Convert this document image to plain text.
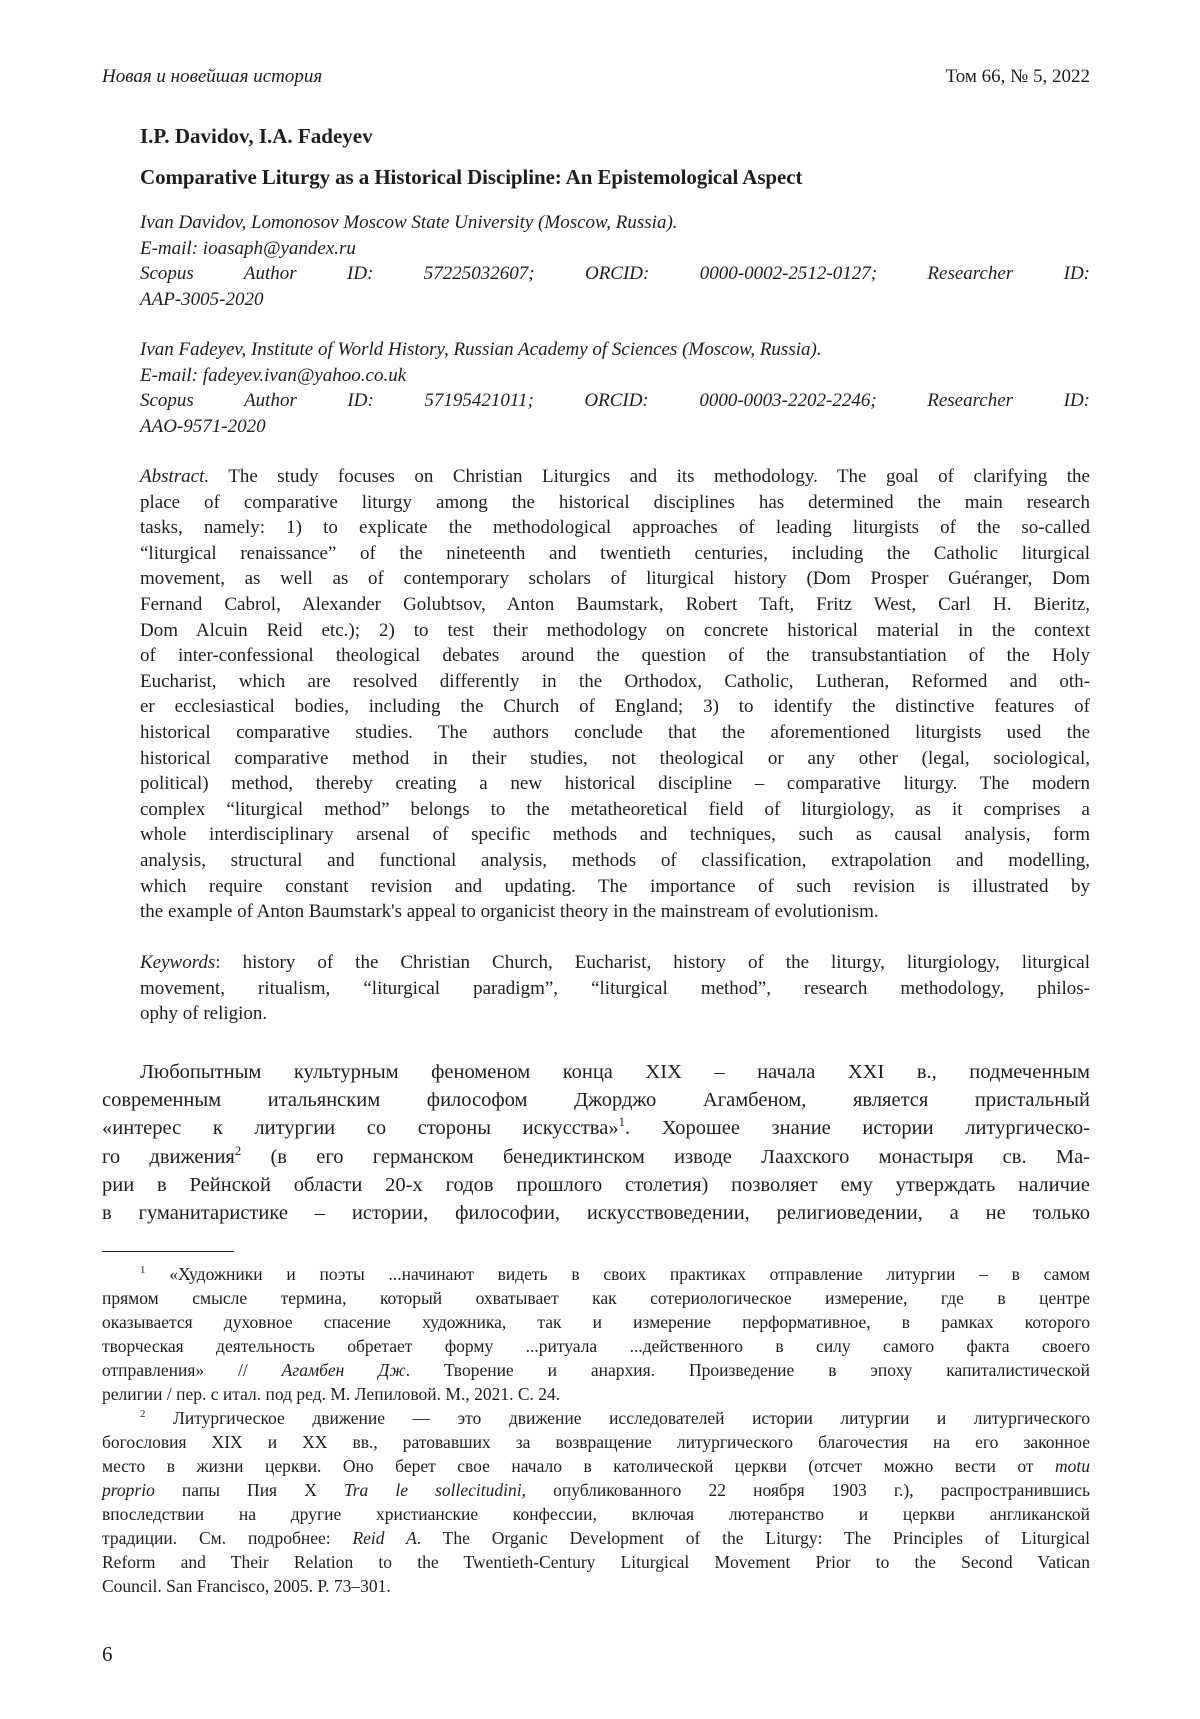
Новая и новейшая история	Том 66, № 5, 2022
I.P. Davidov, I.A. Fadeyev
Comparative Liturgy as a Historical Discipline: An Epistemological Aspect
Ivan Davidov, Lomonosov Moscow State University (Moscow, Russia).
E-mail: ioasaph@yandex.ru
Scopus Author ID: 57225032607; ORCID: 0000-0002-2512-0127; Researcher ID:
AAP-3005-2020
Ivan Fadeyev, Institute of World History, Russian Academy of Sciences (Moscow, Russia).
E-mail: fadeyev.ivan@yahoo.co.uk
Scopus Author ID: 57195421011; ORCID: 0000-0003-2202-2246; Researcher ID:
AAO-9571-2020
Abstract. The study focuses on Christian Liturgics and its methodology. The goal of clarifying the
place of comparative liturgy among the historical disciplines has determined the main research
tasks, namely: 1) to explicate the methodological approaches of leading liturgists of the so-called
“liturgical renaissance” of the nineteenth and twentieth centuries, including the Catholic liturgical
movement, as well as of contemporary scholars of liturgical history (Dom Prosper Guéranger, Dom
Fernand Cabrol, Alexander Golubtsov, Anton Baumstark, Robert Taft, Fritz West, Carl H. Bieritz,
Dom Alcuin Reid etc.); 2) to test their methodology on concrete historical material in the context
of inter-confessional theological debates around the question of the transubstantiation of the Holy
Eucharist, which are resolved differently in the Orthodox, Catholic, Lutheran, Reformed and oth-
er ecclesiastical bodies, including the Church of England; 3) to identify the distinctive features of
historical comparative studies. The authors conclude that the aforementioned liturgists used the
historical comparative method in their studies, not theological or any other (legal, sociological,
political) method, thereby creating a new historical discipline – comparative liturgy. The modern
complex “liturgical method” belongs to the metatheoretical field of liturgiology, as it comprises a
whole interdisciplinary arsenal of specific methods and techniques, such as causal analysis, form
analysis, structural and functional analysis, methods of classification, extrapolation and modelling,
which require constant revision and updating. The importance of such revision is illustrated by
the example of Anton Baumstark's appeal to organicist theory in the mainstream of evolutionism.
Keywords: history of the Christian Church, Eucharist, history of the liturgy, liturgiology, liturgical
movement, ritualism, “liturgical paradigm”, “liturgical method”, research methodology, philos-
ophy of religion.
Любопытным культурным феноменом конца XIX – начала XXI в., подмеченным
современным итальянским философом Джорджо Агамбеном, является пристальный
«интерес к литургии со стороны искусства»$^1$. Хорошее знание истории литургическо-
го движения$^2$ (в его германском бенедиктинском изводе Лаахского монастыря св. Ма-
рии в Рейнской области 20-х годов прошлого столетия) позволяет ему утверждать наличие
в гуманитаристике – истории, философии, искусствоведении, религиоведении, а не только
$^1$ «Художники и поэты ...начинают видеть в своих практиках отправление литургии – в самом
прямом смысле термина, который охватывает как сотериологическое измерение, где в центре
оказывается духовное спасение художника, так и измерение перформативное, в рамках которого
творческая деятельность обретает форму ...ритуала ...действенного в силу самого факта своего
отправления» // Агамбен Дж. Творение и анархия. Произведение в эпоху капиталистической
религии / пер. с итал. под ред. М. Лепиловой. М., 2021. С. 24.
$^2$ Литургическое движение — это движение исследователей истории литургии и литургического
богословия XIX и XX вв., ратовавших за возвращение литургического благочестия на его законное
место в жизни церкви. Оно берет свое начало в католической церкви (отсчет можно вести от motu
proprio папы Пия X Tra le sollecitudini, опубликованного 22 ноября 1903 г.), распространившись
впоследствии на другие христианские конфессии, включая лютеранство и церкви англиканской
традиции. См. подробнее: Reid A. The Organic Development of the Liturgy: The Principles of Liturgical
Reform and Their Relation to the Twentieth-Century Liturgical Movement Prior to the Second Vatican
Council. San Francisco, 2005. P. 73–301.
6
